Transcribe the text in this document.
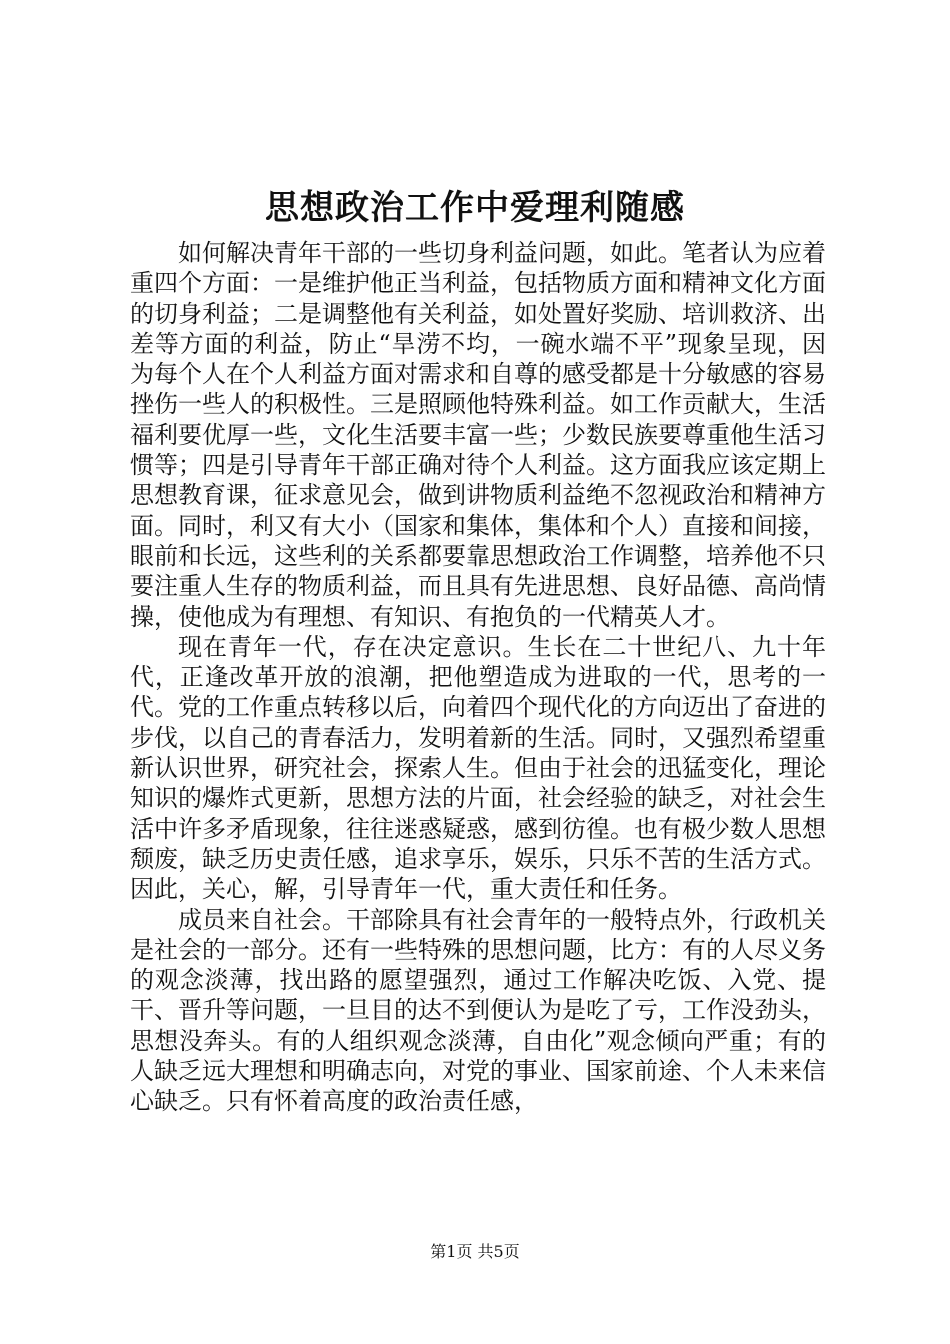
思想政治工作中爱理利随感

如何解决青年干部的一些切身利益问题，如此。笔者认为应着重四个方面：一是维护他正当利益，包括物质方面和精神文化方面的切身利益；二是调整他有关利益，如处置好奖励、培训救济、出差等方面的利益，防止“旱涝不均，一碗水端不平”现象呈现，因为每个人在个人利益方面对需求和自尊的感受都是十分敏感的容易挫伤一些人的积极性。三是照顾他特殊利益。如工作贡献大，生活福利要优厚一些，文化生活要丰富一些；少数民族要尊重他生活习惯等；四是引导青年干部正确对待个人利益。这方面我应该定期上思想教育课，征求意见会，做到讲物质利益绝不忽视政治和精神方面。同时，利又有大小（国家和集体，集体和个人）直接和间接，眼前和长远，这些利的关系都要靠思想政治工作调整，培养他不只要注重人生存的物质利益，而且具有先进思想、良好品德、高尚情操，使他成为有理想、有知识、有抱负的一代精英人才。

现在青年一代，存在决定意识。生长在二十世纪八、九十年代，正逢改革开放的浪潮，把他塑造成为进取的一代，思考的一代。党的工作重点转移以后，向着四个现代化的方向迈出了奋进的步伐，以自己的青春活力，发明着新的生活。同时，又强烈希望重新认识世界，研究社会，探索人生。但由于社会的迅猛变化，理论知识的爆炸式更新，思想方法的片面，社会经验的缺乏，对社会生活中许多矛盾现象，往往迷惑疑惑，感到彷徨。也有极少数人思想颓废，缺乏历史责任感，追求享乐，娱乐，只乐不苦的生活方式。因此，关心，解，引导青年一代，重大责任和任务。

成员来自社会。干部除具有社会青年的一般特点外，行政机关是社会的一部分。还有一些特殊的思想问题，比方：有的人尽义务的观念淡薄，找出路的愿望强烈，通过工作解决吃饭、入党、提干、晋升等问题，一旦目的达不到便认为是吃了亏，工作没劲头，思想没奔头。有的人组织观念淡薄，自由化”观念倾向严重；有的人缺乏远大理想和明确志向，对党的事业、国家前途、个人未来信心缺乏。只有怀着高度的政治责任感，

第1页 共5页
